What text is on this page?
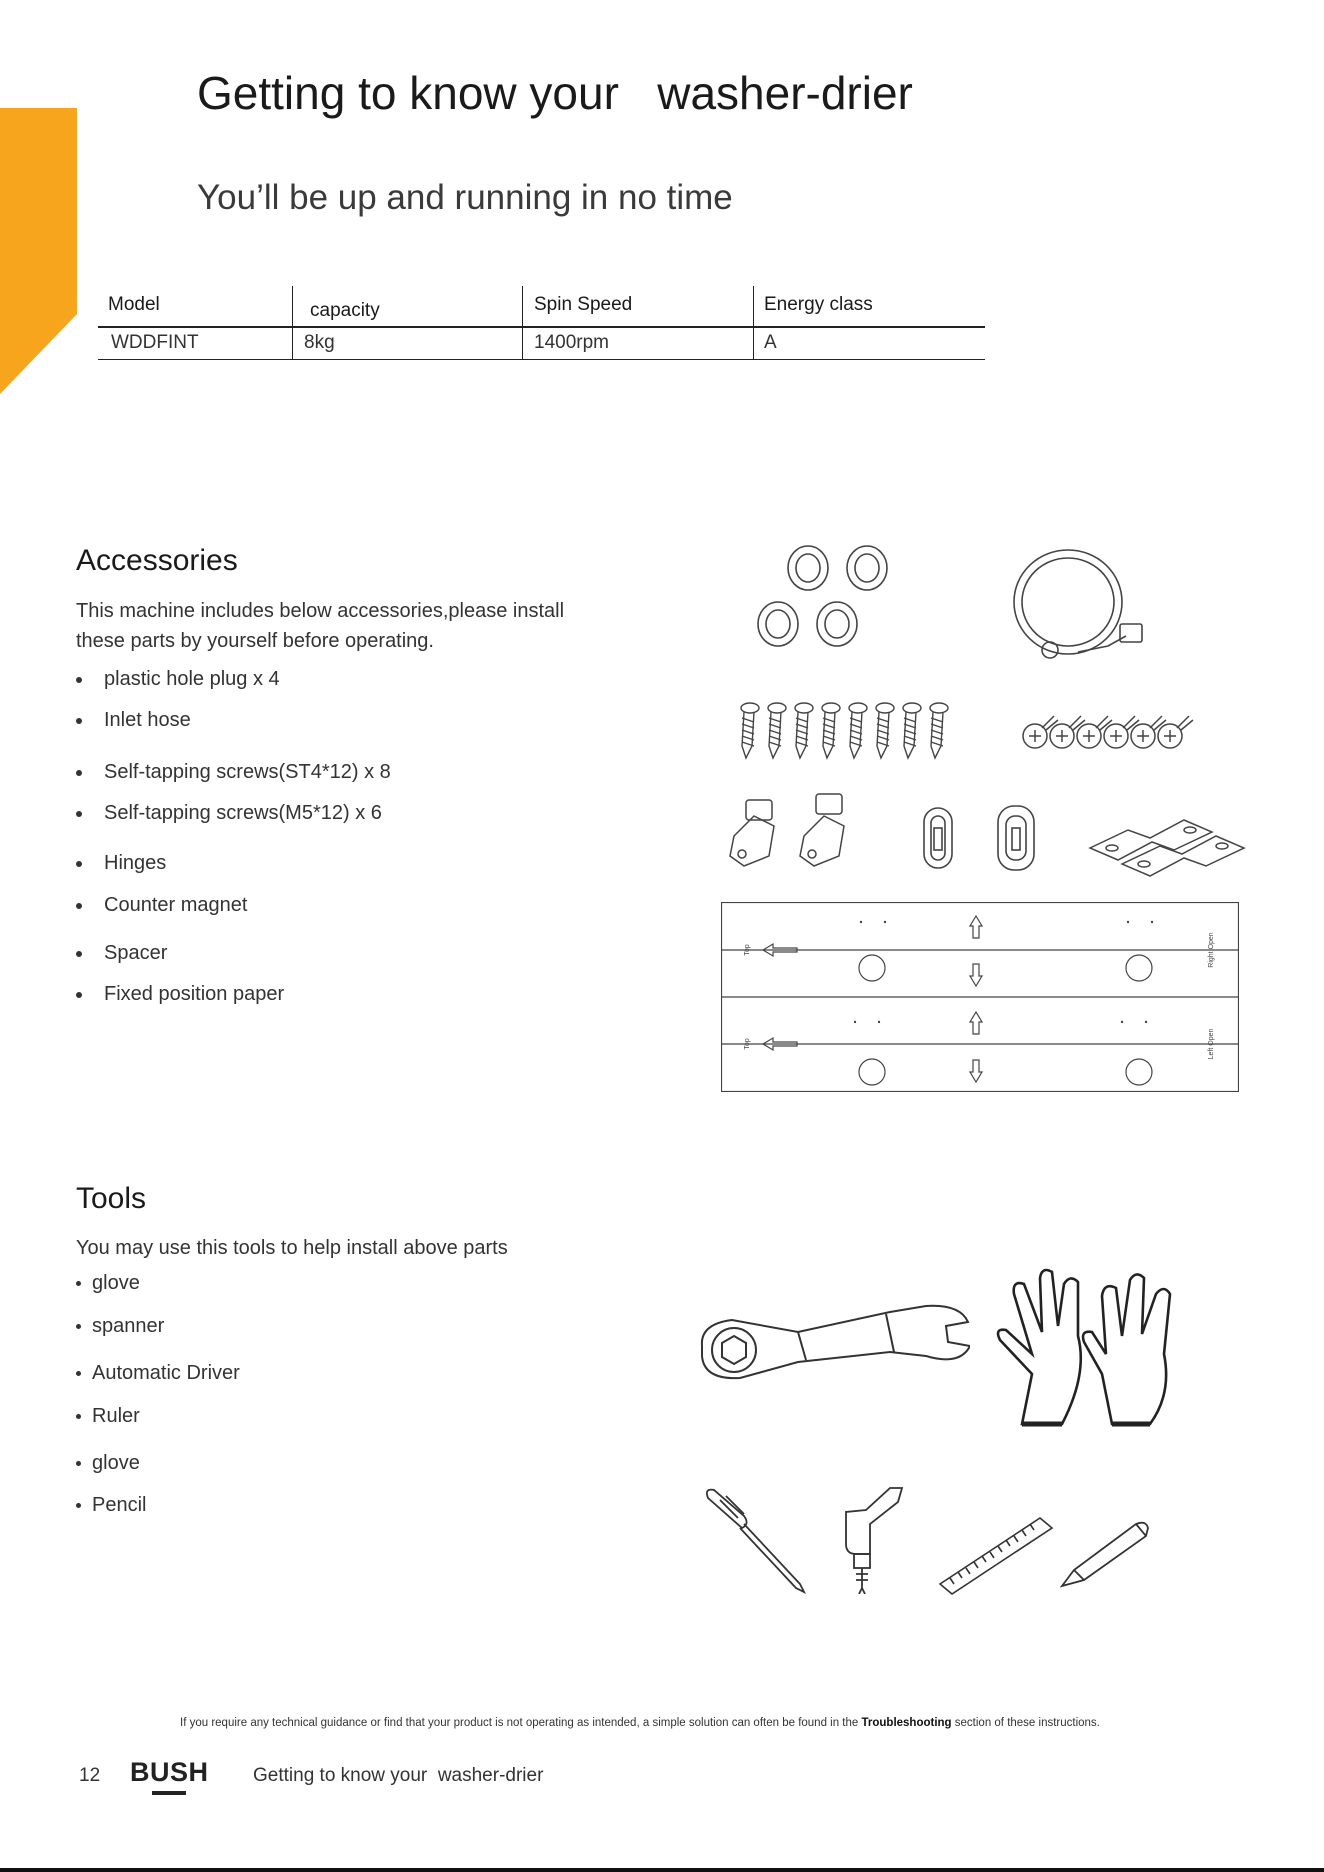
Getting to know your   washer-drier
You’ll be up and running in no time
Model	capacity	Spin Speed	Energy class
WDDFINT	8kg	1400rpm	A
Accessories
This machine includes below accessories,please install
these parts by yourself before operating.
plastic hole plug x 4
Inlet hose
Self-tapping screws(ST4*12) x 8
Self-tapping screws(M5*12) x 6
Hinges
Counter magnet
Spacer
Fixed position paper
Top
Top
Right Open
Left Open
Tools
You may use this tools to help install above parts
glove
spanner
Automatic Driver
Ruler
glove
Pencil
If you require any technical guidance or find that your product is not operating as intended, a simple solution can often be found in the Troubleshooting section of these instructions.
12 BUSH Getting to know your  washer-drier
